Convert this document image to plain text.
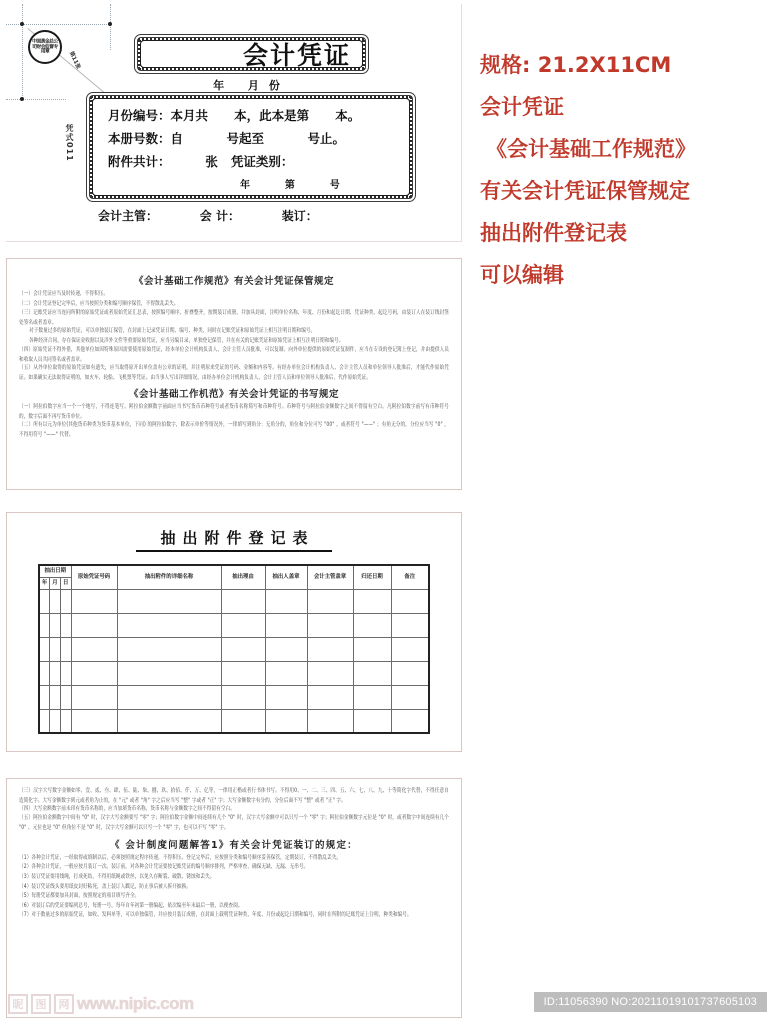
中国黄金总公司财会监督专用章	第11张	会计凭证
年 月份
月份编号：本月共      本，此本是第      本。
本册号数：自          号起至          号止。
附件共计：        张   凭证类别：
年      第      号
会计主管：          会 计：          装订：
凭式011
《会计基础工作规范》有关会计凭证保管规定

（一）会计凭证应当及时传递，不得积压。

（二）会计凭证登记完毕后，应当按照分类和编号顺序保管，不得散乱丢失。

（三）记账凭证应当连同所附的原始凭证或者原始凭证汇总表，按照编号顺序、折叠整齐，按期装订成册，并加具封面，注明单位名称、年度、月份和起讫日期、凭证种类、起讫号码，由装订人在装订线封签处签名或者盖章。

对于数量过多的原始凭证，可以单独装订保管，在封面上记录凭证日期、编号、种类，同时在记账凭证和原始凭证上相互注明日期和编号。

各种经济合同、存在保证金收据以及涉外文件等重要原始凭证，应当另编目录，单独登记保管，并在有关的记账凭证和原始凭证上相互注明日期和编号。

（四）原始凭证不得外借，其他单位如因特殊原因需要使用原始凭证，经本单位会计机构负责人、会计主管人员批准，可以复制。向外单位提供的原始凭证复制件，应当在专设的登记簿上登记，并由提供人员和收取人员共同签名或者盖章。

（五）从外单位取得的原始凭证如有遗失，应当取得原开出单位盖有公章的证明，并注明原来凭证的号码、金额和内容等。有经办单位会计机构负责人、会计主管人员和单位领导人批准后，才能代作原始凭证。如果确实无法取得证明的，如火车、轮船、飞机票等凭证。由当事人写出详细情况。由经办单位会计机构负责人、会计主管人员和单位领导人批准后，代作原始凭证。

《会计基础工作机范》有关会计凭证的书写规定

（一）阿拉伯数字应当一个一个地写，不得连笔写。阿拉伯金额数字前面应当书写货币币种符号或者货币名称简写和币种符号。币种符号与阿拉伯金额数字之间不得留有空白。凡阿拉伯数字前写有币种符号的，数字后面不再写货币单位。

（二）所有以元为单位(其他货币种类为货币基本单位，下同) 的阿拉伯数字，除表示单价等情况外，一律填写到角分：无角分的，角位和分位可写 "00" ，或者符号 "——" ；有角无分的，分位应当写 "0" ，不得用符号 "——" 代替。

抽出附件登记表
抽出日期			原始凭证号码	抽出附件的详细名称	抽出理由	抽出人盖章	会计主管盖章	归还日期	备注
年	月	日							

（三）汉字大写数字金额如零、壹、贰、叁、肆、伍、陆、柒、捌、玖、拾佰、仟、万、亿等，一律用正楷或者行书体书写。不得用0、一、二、三、四、五、六、七、八、九、十等简化字代替，不得任意自造简化字。大写金额数字到元或者角为止的，在 "元" 或者 "角" 字之后应当写 "整" 字或者 "正" 字；大写金额数字有分的，分位后面不写 "整" 或者 "正" 字。

（四）大写金额数字前未印有货币名称的，应当加填货币名称，货币名称与金额数字之间不得留有空白。

（五）阿拉伯金额数字中间有 "0" 时，汉字大写金额要写 "零" 字；阿拉伯数字金额中间连续有几个 "0" 时，汉字大写金额中可以只写一个 "零" 字；阿拉伯金额数字元位是 "0" 时，或者数字中间连续有几个 "0" 、元位也是 "0" 但角位不是 "0" 时，汉字大写金额可以只写一个 "零" 字，也可以不写 "零" 字。

《 会计制度问题解答1》有关会计凭证装订的规定：

（1）各种会计凭证，一经取得或填制以后，必须按照规定程序传递，不得积压。登记完毕后，应按照分类和编号顺序妥善保管，定期装订，不得散乱丢失。

（2）各种会计凭证，一般应按月装订一次。装订前，对各种会计凭证要按记账凭证的编号顺序排列，严格审查，确保无缺、无漏、无串号。

（3）装订凭证要用线绳，打成死结，不得用纸绳或铁丝，以免久存断裂、破散、锈蚀和丢失。

（4）装订凭证线头要用纸皮封好粘死，盖上装订人戳记，防止事后被人拆开抽换。

（5）每册凭证都要加具封面，按照规定的项目填写齐全。

（6）对装订后的凭证要编列总号，每册一号，每年自年初第一册编起，依次编至年末最后一册，以便查阅。

（7）对于数量过多的原始凭证，如收、发料单等，可以单独保管，并应按月装订成册，在封面上载明凭证种类、年度、月份或起讫日期和编号，同时在所附的记账凭证上注明，种类和编号。

规格: 21.2X11CM
会计凭证
《会计基础工作规范》
有关会计凭证保管规定
抽出附件登记表
可以编辑
昵	图	网 www.nipic.com	ID:11056390 NO:20211019101737605103
